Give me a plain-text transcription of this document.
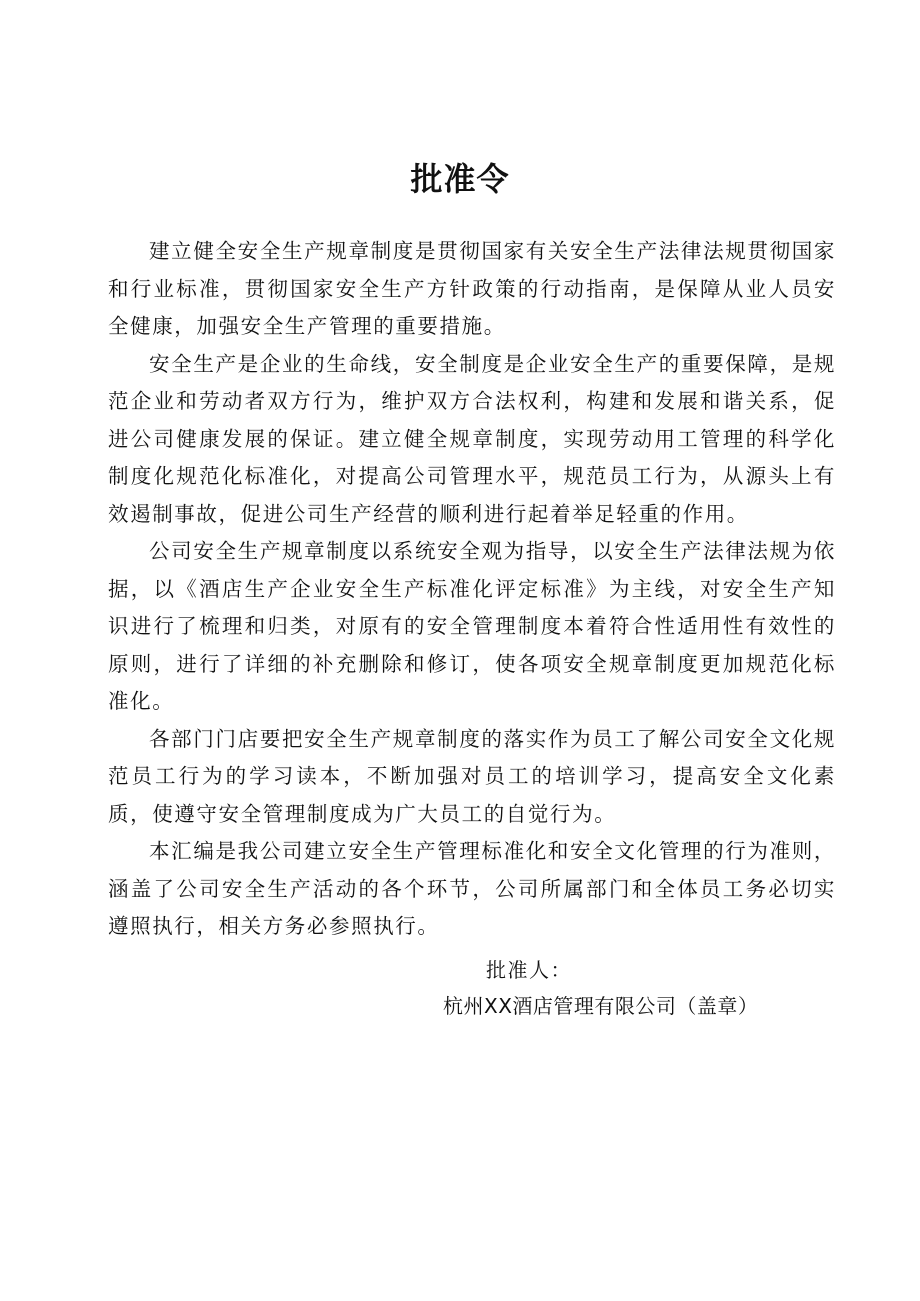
批准令

建立健全安全生产规章制度是贯彻国家有关安全生产法律法规贯彻国家和行业标准，贯彻国家安全生产方针政策的行动指南，是保障从业人员安全健康，加强安全生产管理的重要措施。

安全生产是企业的生命线，安全制度是企业安全生产的重要保障，是规范企业和劳动者双方行为，维护双方合法权利，构建和发展和谐关系，促进公司健康发展的保证。建立健全规章制度，实现劳动用工管理的科学化制度化规范化标准化，对提高公司管理水平，规范员工行为，从源头上有效遏制事故，促进公司生产经营的顺利进行起着举足轻重的作用。

公司安全生产规章制度以系统安全观为指导，以安全生产法律法规为依据，以《酒店生产企业安全生产标准化评定标准》为主线，对安全生产知识进行了梳理和归类，对原有的安全管理制度本着符合性适用性有效性的原则，进行了详细的补充删除和修订，使各项安全规章制度更加规范化标准化。

各部门门店要把安全生产规章制度的落实作为员工了解公司安全文化规范员工行为的学习读本，不断加强对员工的培训学习，提高安全文化素质，使遵守安全管理制度成为广大员工的自觉行为。

本汇编是我公司建立安全生产管理标准化和安全文化管理的行为准则，涵盖了公司安全生产活动的各个环节，公司所属部门和全体员工务必切实遵照执行，相关方务必参照执行。

批准人：
杭州XX酒店管理有限公司（盖章）
